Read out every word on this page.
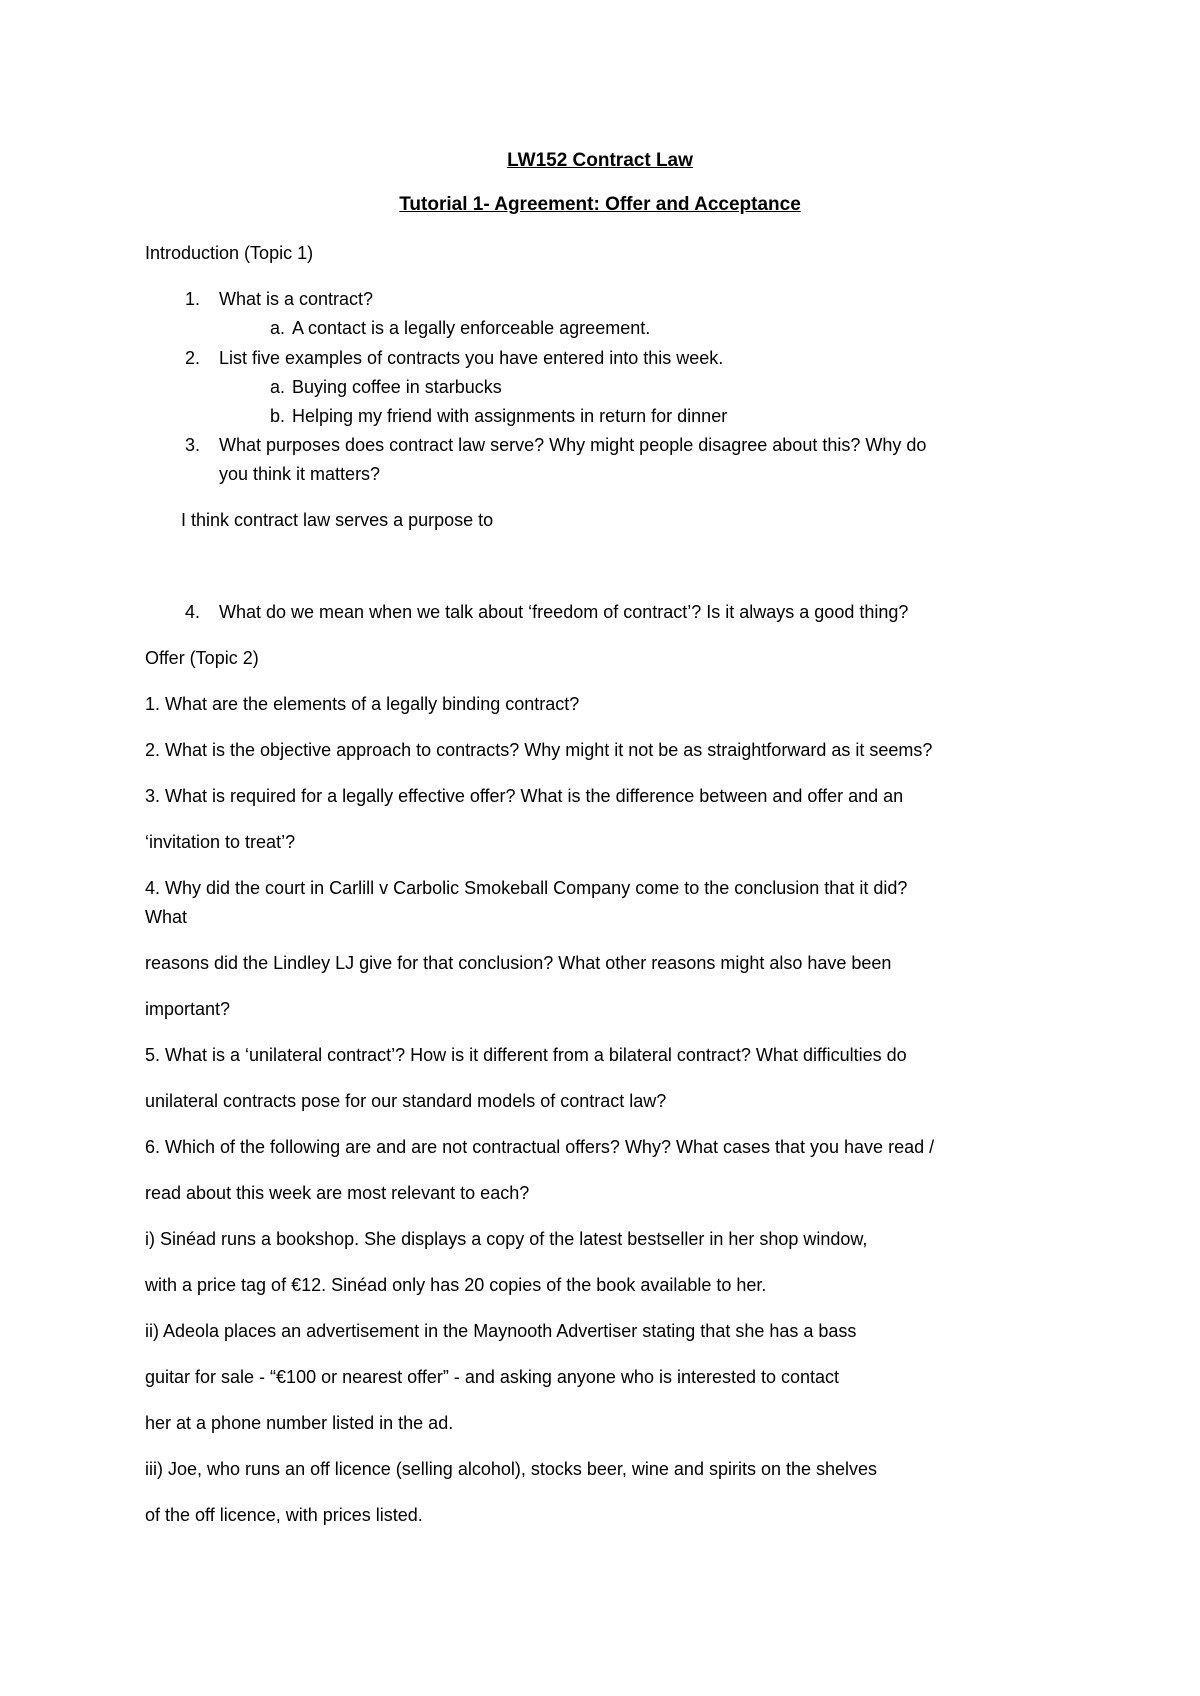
LW152 Contract Law
Tutorial 1- Agreement: Offer and Acceptance
Introduction (Topic 1)
1. What is a contract?
a. A contact is a legally enforceable agreement.
2. List five examples of contracts you have entered into this week.
a. Buying coffee in starbucks
b. Helping my friend with assignments in return for dinner
3. What purposes does contract law serve? Why might people disagree about this? Why do
you think it matters?
I think contract law serves a purpose to
4. What do we mean when we talk about ‘freedom of contract’? Is it always a good thing?
Offer (Topic 2)
1. What are the elements of a legally binding contract?
2. What is the objective approach to contracts? Why might it not be as straightforward as it seems?
3. What is required for a legally effective offer? What is the difference between and offer and an
‘invitation to treat’?
4. Why did the court in Carlill v Carbolic Smokeball Company come to the conclusion that it did?
What
reasons did the Lindley LJ give for that conclusion? What other reasons might also have been
important?
5. What is a ‘unilateral contract’? How is it different from a bilateral contract? What difficulties do
unilateral contracts pose for our standard models of contract law?
6. Which of the following are and are not contractual offers? Why? What cases that you have read /
read about this week are most relevant to each?
i) Sinéad runs a bookshop. She displays a copy of the latest bestseller in her shop window,
with a price tag of €12. Sinéad only has 20 copies of the book available to her.
ii) Adeola places an advertisement in the Maynooth Advertiser stating that she has a bass
guitar for sale - “€100 or nearest offer” - and asking anyone who is interested to contact
her at a phone number listed in the ad.
iii) Joe, who runs an off licence (selling alcohol), stocks beer, wine and spirits on the shelves
of the off licence, with prices listed.
